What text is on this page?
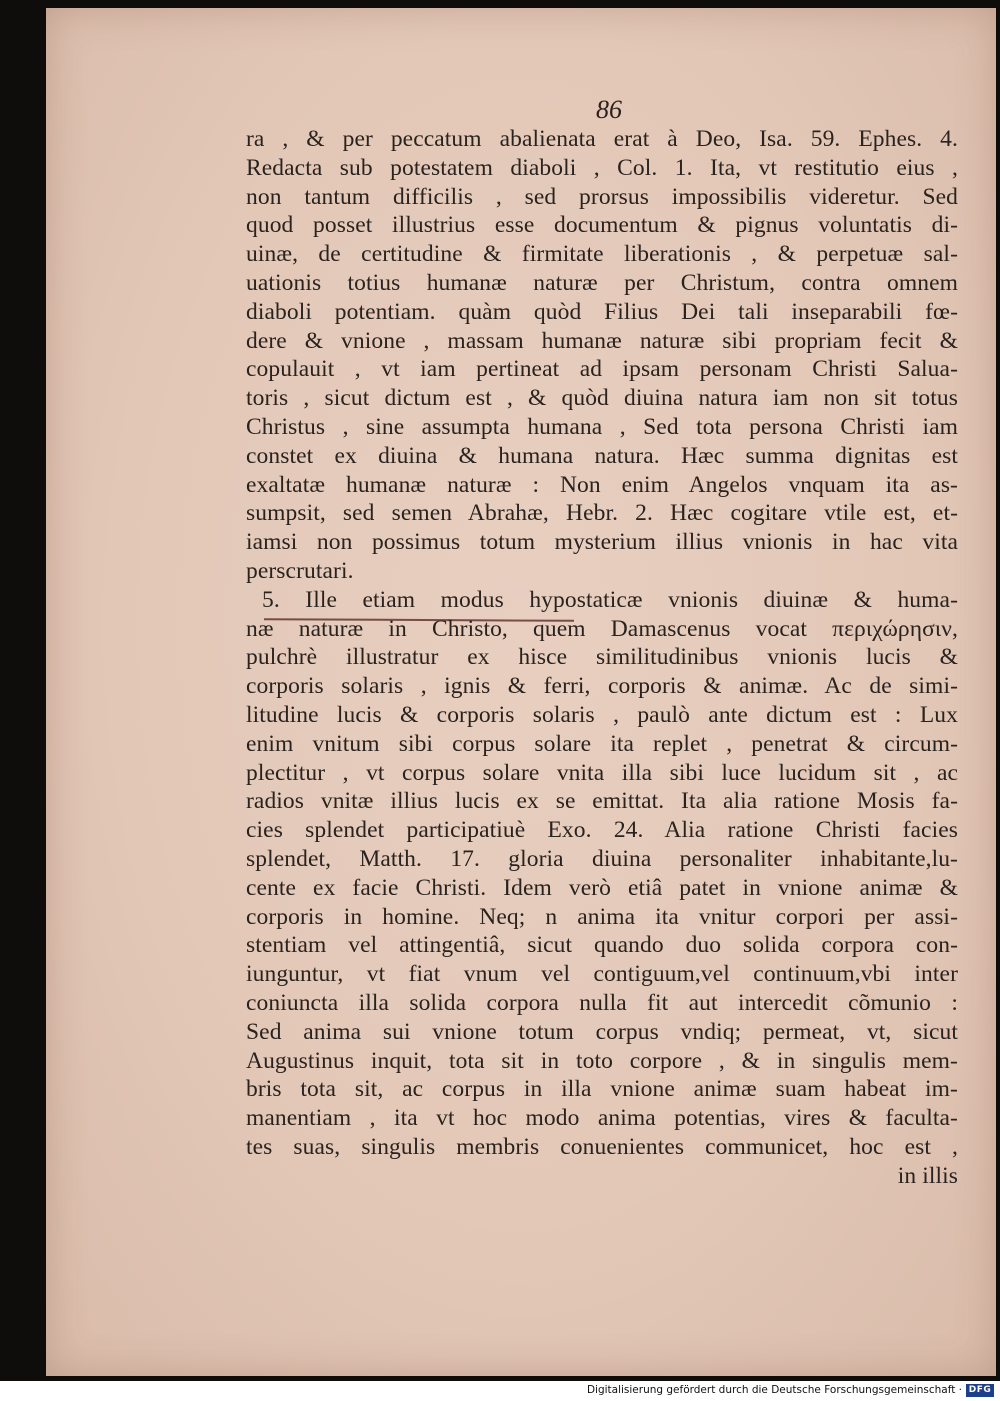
86
ra , & per peccatum abalienata erat à Deo, Isa. 59. Ephes. 4.
Redacta sub potestatem diaboli , Col. 1. Ita, vt restitutio eius ,
non tantum difficilis , sed prorsus impossibilis videretur. Sed
quod posset illustrius esse documentum & pignus voluntatis di-
uinæ, de certitudine & firmitate liberationis , & perpetuæ sal-
uationis totius humanæ naturæ per Christum, contra omnem
diaboli potentiam. quàm quòd Filius Dei tali inseparabili fœ-
dere & vnione , massam humanæ naturæ sibi propriam fecit &
copulauit , vt iam pertineat ad ipsam personam Christi Salua-
toris , sicut dictum est , & quòd diuina natura iam non sit totus
Christus , sine assumpta humana , Sed tota persona Christi iam
constet ex diuina & humana natura. Hæc summa dignitas est
exaltatæ humanæ naturæ : Non enim Angelos vnquam ita as-
sumpsit, sed semen Abrahæ, Hebr. 2. Hæc cogitare vtile est, et-
iamsi non possimus totum mysterium illius vnionis in hac vita
perscrutari.
5. Ille etiam modus hypostaticæ vnionis diuinæ & huma-
næ naturæ in Christo, quem Damascenus vocat περιχώρησιν,
pulchrè illustratur ex hisce similitudinibus vnionis lucis &
corporis solaris , ignis & ferri, corporis & animæ. Ac de simi-
litudine lucis & corporis solaris , paulò ante dictum est : Lux
enim vnitum sibi corpus solare ita replet , penetrat & circum-
plectitur , vt corpus solare vnita illa sibi luce lucidum sit , ac
radios vnitæ illius lucis ex se emittat. Ita alia ratione Mosis fa-
cies splendet participatiuè Exo. 24. Alia ratione Christi facies
splendet, Matth. 17. gloria diuina personaliter inhabitante,lu-
cente ex facie Christi. Idem verò etiâ patet in vnione animæ &
corporis in homine. Neq; n anima ita vnitur corpori per assi-
stentiam vel attingentiâ, sicut quando duo solida corpora con-
iunguntur, vt fiat vnum vel contiguum,vel continuum,vbi inter
coniuncta illa solida corpora nulla fit aut intercedit cõmunio :
Sed anima sui vnione totum corpus vndiq; permeat, vt, sicut
Augustinus inquit, tota sit in toto corpore , & in singulis mem-
bris tota sit, ac corpus in illa vnione animæ suam habeat im-
manentiam , ita vt hoc modo anima potentias, vires & faculta-
tes suas, singulis membris conuenientes communicet, hoc est ,
in illis
Digitalisierung gefördert durch die Deutsche Forschungsgemeinschaft · DFG
